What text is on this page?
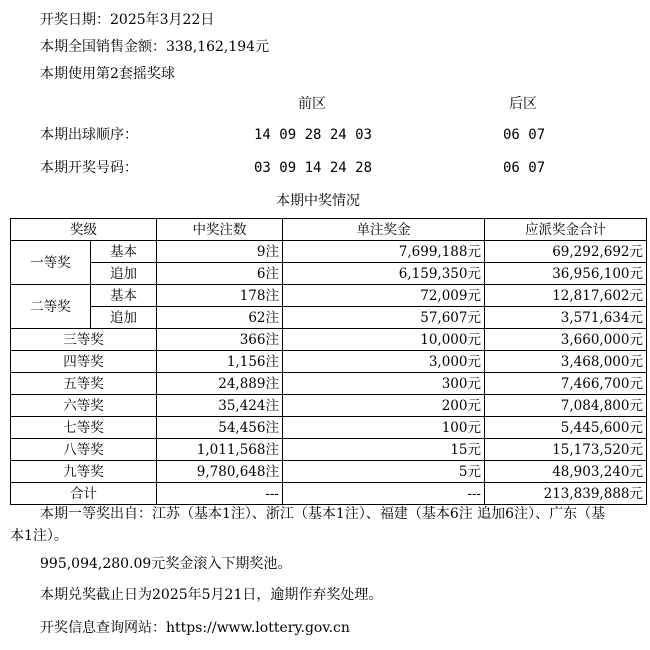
开奖日期：2025年3月22日
本期全国销售金额：338,162,194元
本期使用第2套摇奖球
前区	后区
本期出球顺序：	14 09 28 24 03	06 07
本期开奖号码：	03 09 14 24 28	06 07
本期中奖情况
奖级		中奖注数	单注奖金	应派奖金合计
一等奖	基本	9注	7,699,188元	69,292,692元
	追加	6注	6,159,350元	36,956,100元
二等奖	基本	178注	72,009元	12,817,602元
	追加	62注	57,607元	3,571,634元
三等奖		366注	10,000元	3,660,000元
四等奖		1,156注	3,000元	3,468,000元
五等奖		24,889注	300元	7,466,700元
六等奖		35,424注	200元	7,084,800元
七等奖		54,456注	100元	5,445,600元
八等奖		1,011,568注	15元	15,173,520元
九等奖		9,780,648注	5元	48,903,240元
合计		---	---	213,839,888元
本期一等奖出自：江苏（基本1注）、浙江（基本1注）、福建（基本6注 追加6注）、广东（基
本1注）。
995,094,280.09元奖金滚入下期奖池。
本期兑奖截止日为2025年5月21日，逾期作弃奖处理。
开奖信息查询网站：https://www.lottery.gov.cn
